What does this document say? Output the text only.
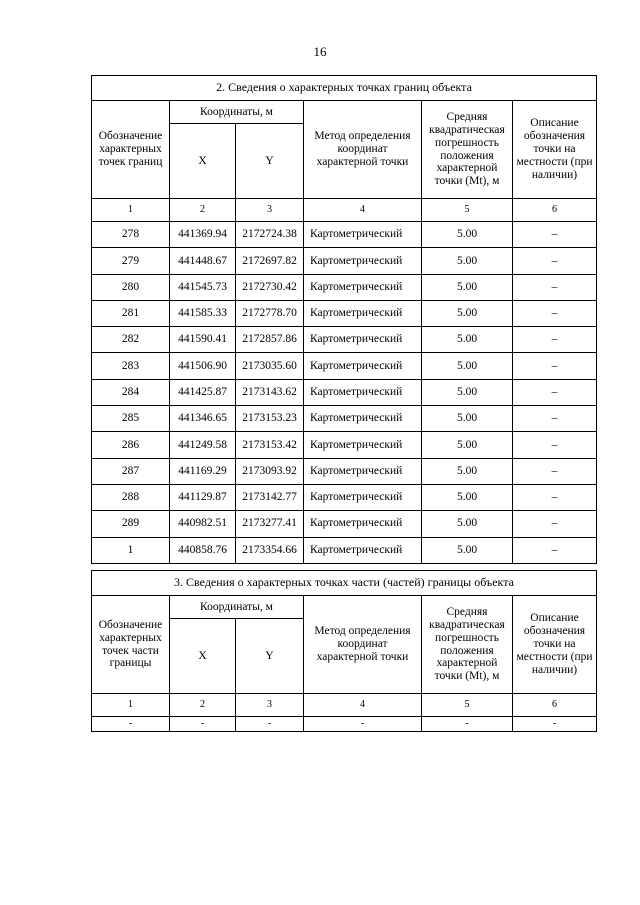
16
2. Сведения о характерных точках границ объекта					
Обозначение характерных точек границ	Координаты, м		Метод определения координат характерной точки	Средняя квадратическая погрешность положения характерной точки (Mt), м	Описание обозначения точки на местности (при наличии)
	X	Y			
1	2	3	4	5	6
278	441369.94	2172724.38	Картометрический	5.00	–
279	441448.67	2172697.82	Картометрический	5.00	–
280	441545.73	2172730.42	Картометрический	5.00	–
281	441585.33	2172778.70	Картометрический	5.00	–
282	441590.41	2172857.86	Картометрический	5.00	–
283	441506.90	2173035.60	Картометрический	5.00	–
284	441425.87	2173143.62	Картометрический	5.00	–
285	441346.65	2173153.23	Картометрический	5.00	–
286	441249.58	2173153.42	Картометрический	5.00	–
287	441169.29	2173093.92	Картометрический	5.00	–
288	441129.87	2173142.77	Картометрический	5.00	–
289	440982.51	2173277.41	Картометрический	5.00	–
1	440858.76	2173354.66	Картометрический	5.00	–
3. Сведения о характерных точках части (частей) границы объекта					
Обозначение характерных точек части границы	Координаты, м		Метод определения координат характерной точки	Средняя квадратическая погрешность положения характерной точки (Mt), м	Описание обозначения точки на местности (при наличии)
	X	Y			
1	2	3	4	5	6
-	-	-	-	-	-
